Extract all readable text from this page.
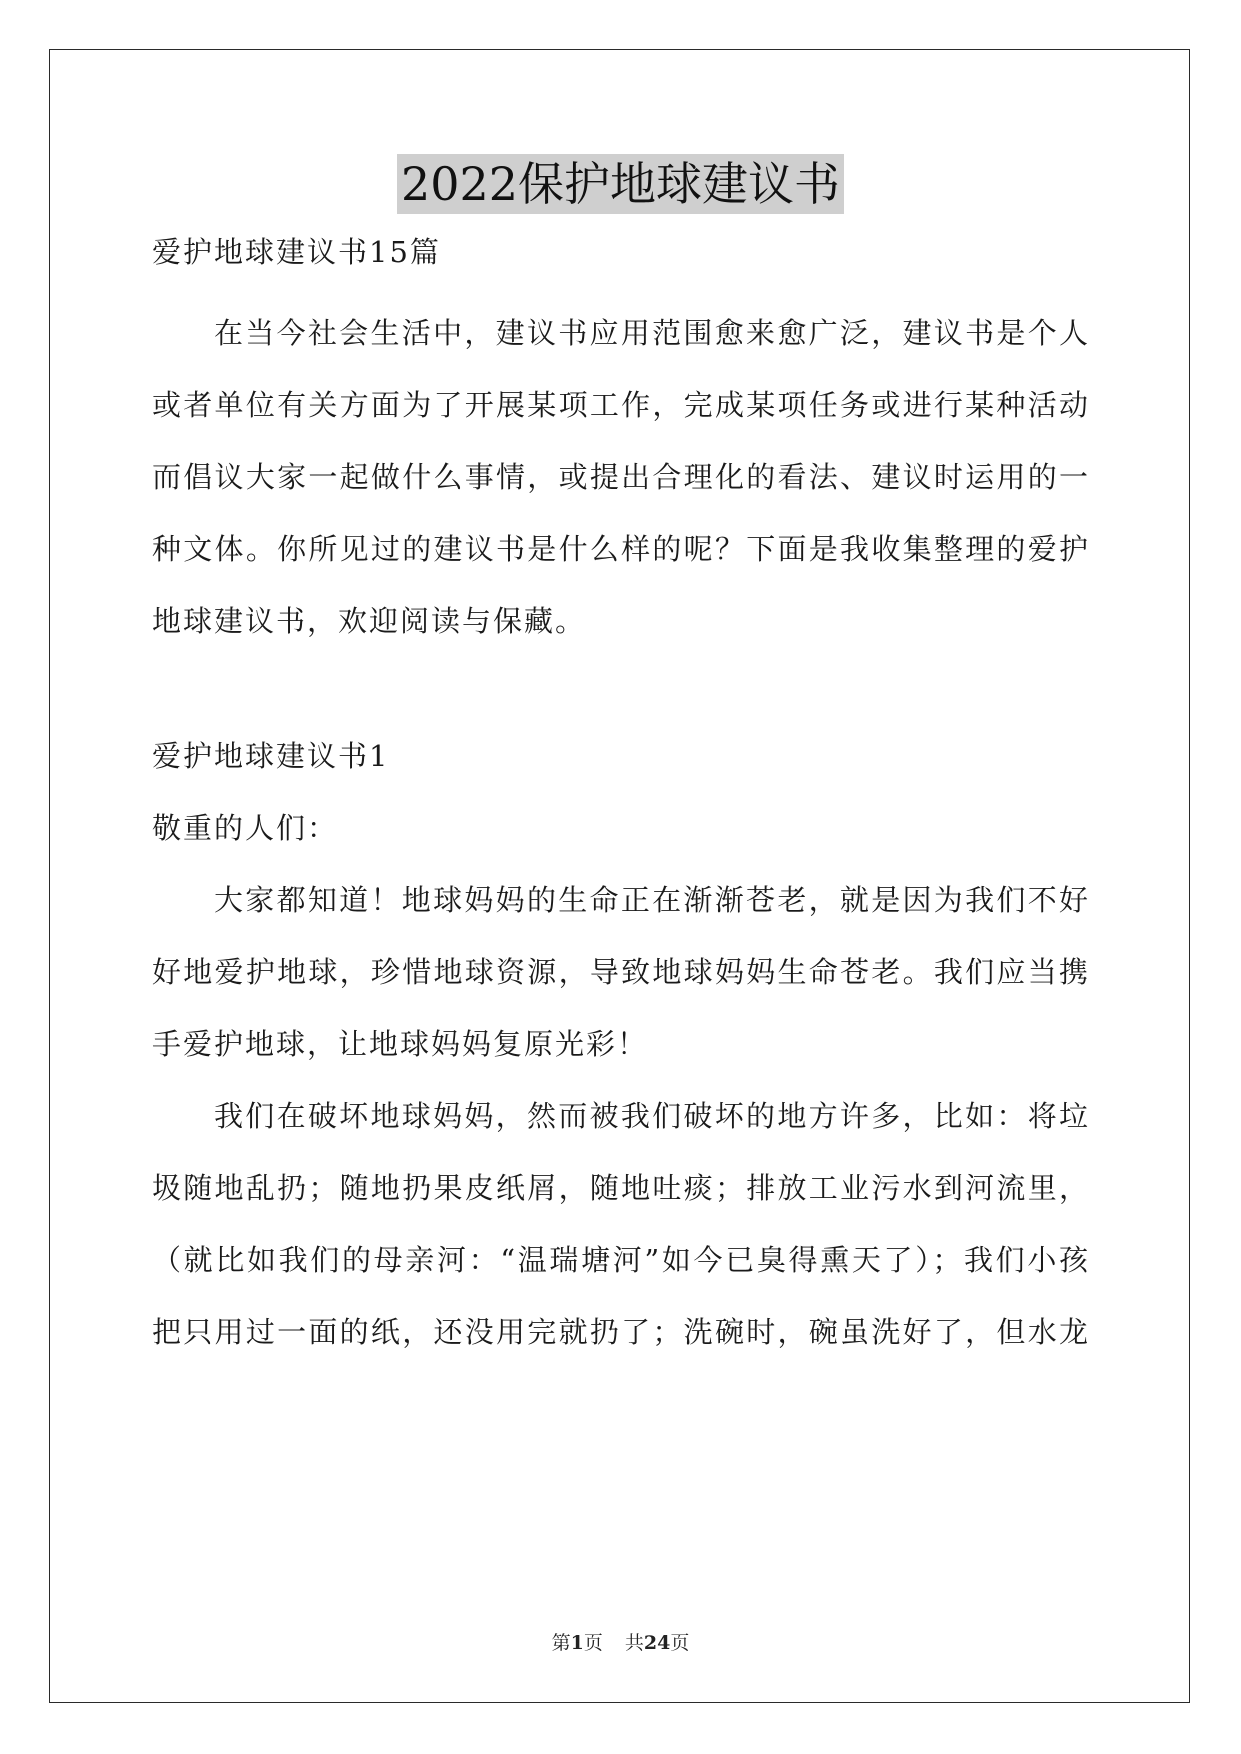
2022保护地球建议书
爱护地球建议书15篇
在当今社会生活中，建议书应用范围愈来愈广泛，建议书是个人
或者单位有关方面为了开展某项工作，完成某项任务或进行某种活动
而倡议大家一起做什么事情，或提出合理化的看法、建议时运用的一
种文体。你所见过的建议书是什么样的呢？下面是我收集整理的爱护
地球建议书，欢迎阅读与保藏。
爱护地球建议书1
敬重的人们：
大家都知道！地球妈妈的生命正在渐渐苍老，就是因为我们不好
好地爱护地球，珍惜地球资源，导致地球妈妈生命苍老。我们应当携
手爱护地球，让地球妈妈复原光彩！
我们在破坏地球妈妈，然而被我们破坏的地方许多，比如：将垃
圾随地乱扔；随地扔果皮纸屑，随地吐痰；排放工业污水到河流里，
（就比如我们的母亲河：“温瑞塘河”如今已臭得熏天了）；我们小孩
把只用过一面的纸，还没用完就扔了；洗碗时，碗虽洗好了，但水龙
第1页 共24页
